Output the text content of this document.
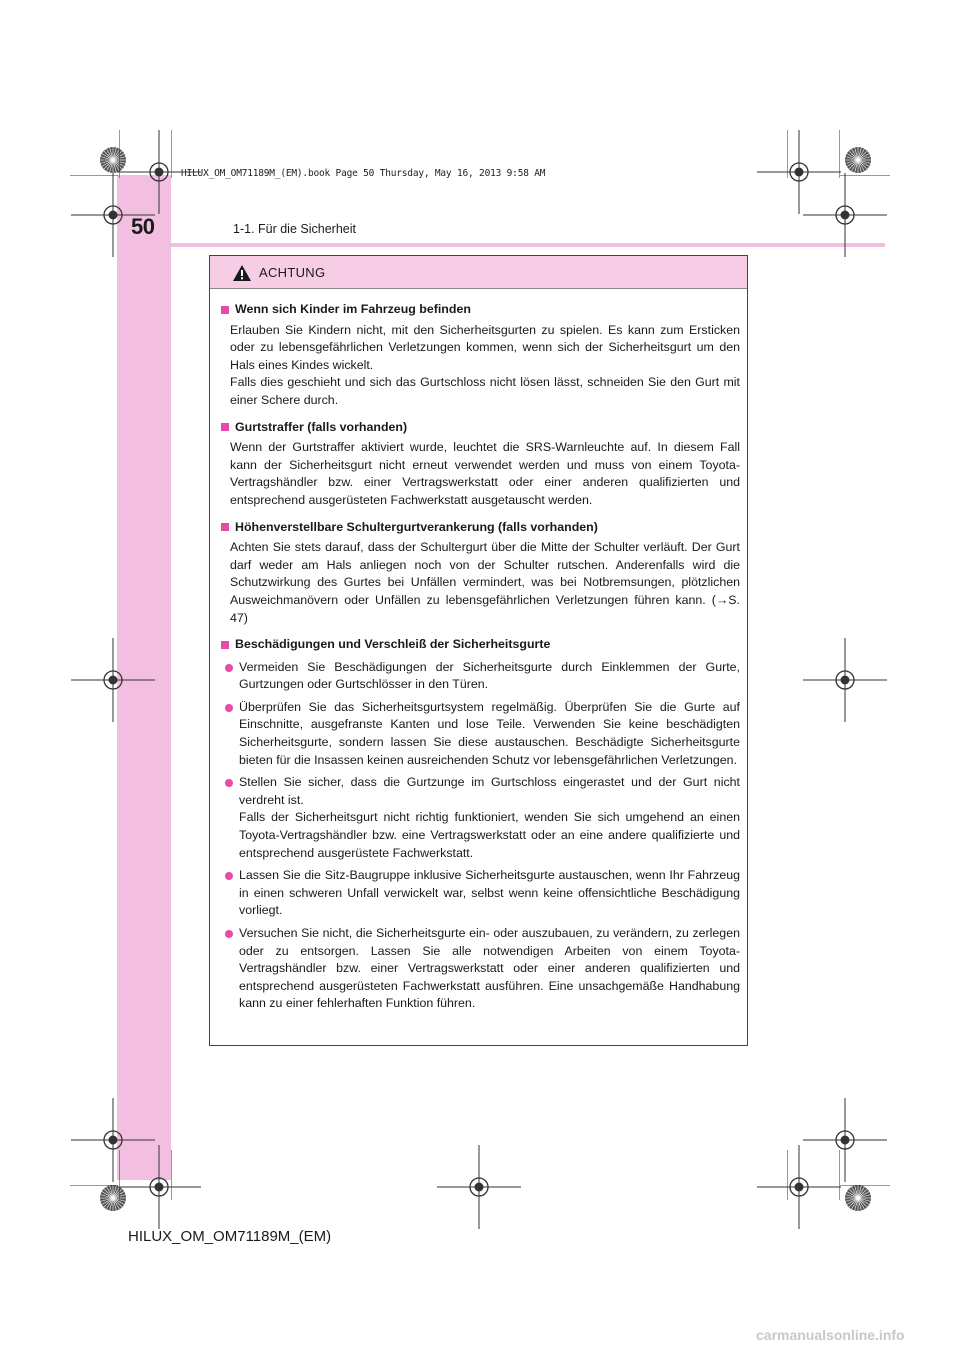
HILUX_OM_OM71189M_(EM).book Page 50 Thursday, May 16, 2013 9:58 AM
50	1-1. Für die Sicherheit
ACHTUNG
Wenn sich Kinder im Fahrzeug befinden
Erlauben Sie Kindern nicht, mit den Sicherheitsgurten zu spielen. Es kann zum Ersticken oder zu lebensgefährlichen Verletzungen kommen, wenn sich der Sicherheitsgurt um den Hals eines Kindes wickelt.
Falls dies geschieht und sich das Gurtschloss nicht lösen lässt, schneiden Sie den Gurt mit einer Schere durch.
Gurtstraffer (falls vorhanden)
Wenn der Gurtstraffer aktiviert wurde, leuchtet die SRS-Warnleuchte auf. In diesem Fall kann der Sicherheitsgurt nicht erneut verwendet werden und muss von einem Toyota-Vertragshändler bzw. einer Vertragswerkstatt oder einer anderen qualifizierten und entsprechend ausgerüsteten Fachwerkstatt ausgetauscht werden.
Höhenverstellbare Schultergurtverankerung (falls vorhanden)
Achten Sie stets darauf, dass der Schultergurt über die Mitte der Schulter verläuft. Der Gurt darf weder am Hals anliegen noch von der Schulter rutschen. Anderenfalls wird die Schutzwirkung des Gurtes bei Unfällen vermindert, was bei Notbremsungen, plötzlichen Ausweichmanövern oder Unfällen zu lebensgefährlichen Verletzungen führen kann. (→S. 47)
Beschädigungen und Verschleiß der Sicherheitsgurte
Vermeiden Sie Beschädigungen der Sicherheitsgurte durch Einklemmen der Gurte, Gurtzungen oder Gurtschlösser in den Türen.
Überprüfen Sie das Sicherheitsgurtsystem regelmäßig. Überprüfen Sie die Gurte auf Einschnitte, ausgefranste Kanten und lose Teile. Verwenden Sie keine beschädigten Sicherheitsgurte, sondern lassen Sie diese austauschen. Beschädigte Sicherheitsgurte bieten für die Insassen keinen ausreichenden Schutz vor lebensgefährlichen Verletzungen.
Stellen Sie sicher, dass die Gurtzunge im Gurtschloss eingerastet und der Gurt nicht verdreht ist.
Falls der Sicherheitsgurt nicht richtig funktioniert, wenden Sie sich umgehend an einen Toyota-Vertragshändler bzw. eine Vertragswerkstatt oder an eine andere qualifizierte und entsprechend ausgerüstete Fachwerkstatt.
Lassen Sie die Sitz-Baugruppe inklusive Sicherheitsgurte austauschen, wenn Ihr Fahrzeug in einen schweren Unfall verwickelt war, selbst wenn keine offensichtliche Beschädigung vorliegt.
Versuchen Sie nicht, die Sicherheitsgurte ein- oder auszubauen, zu verändern, zu zerlegen oder zu entsorgen. Lassen Sie alle notwendigen Arbeiten von einem Toyota-Vertragshändler bzw. einer Vertragswerkstatt oder einer anderen qualifizierten und entsprechend ausgerüsteten Fachwerkstatt ausführen. Eine unsachgemäße Handhabung kann zu einer fehlerhaften Funktion führen.
HILUX_OM_OM71189M_(EM)
carmanualsonline.info
